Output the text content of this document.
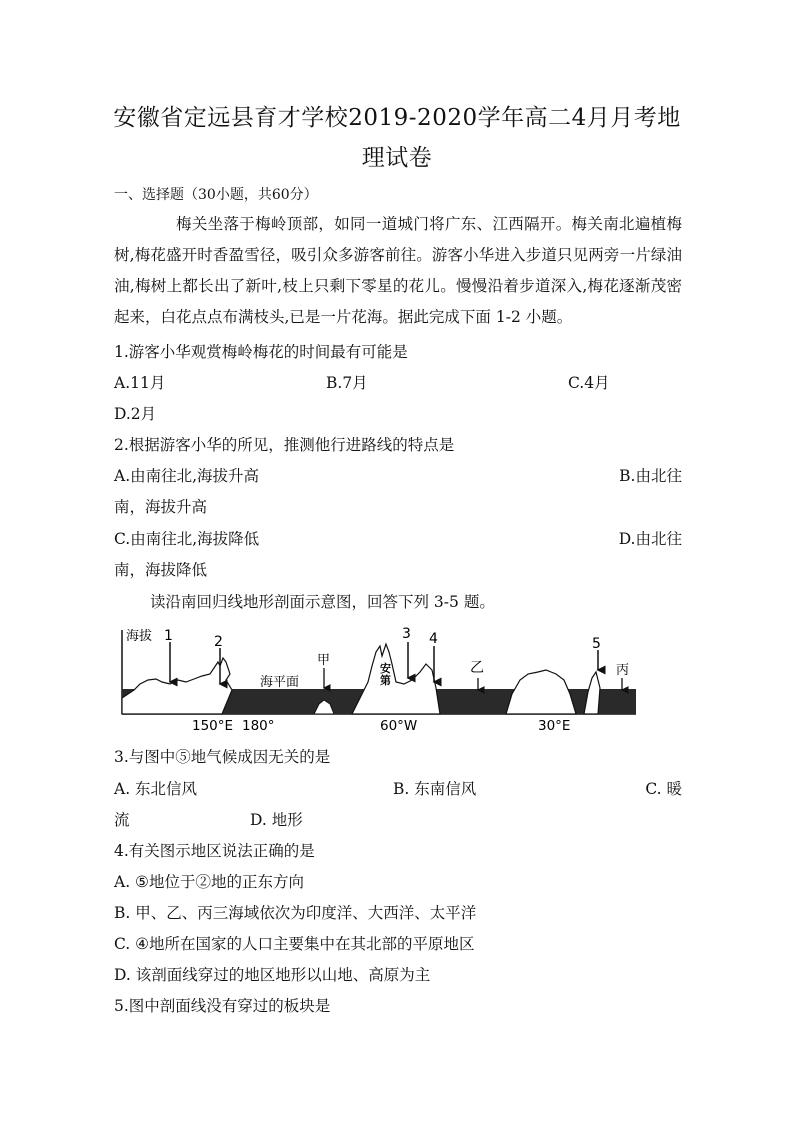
安徽省定远县育才学校2019-2020学年高二4月月考地
理试卷
一、选择题（30小题，共60分）
梅关坐落于梅岭顶部，如同一道城门将广东、江西隔开。梅关南北遍植梅树,梅花盛开时香盈雪径，吸引众多游客前往。游客小华进入步道只见两旁一片绿油油,梅树上都长出了新叶,枝上只剩下零星的花儿。慢慢沿着步道深入,梅花逐渐茂密起来，白花点点布满枝头,已是一片花海。据此完成下面 1-2 小题。
1.游客小华观赏梅岭梅花的时间最有可能是
A.11月	B.7月	C.4月
D.2月
2.根据游客小华的所见，推测他行进路线的特点是
A.由南往北,海拔升高	B.由北往
南，海拔升高
C.由南往北,海拔降低	D.由北往
南，海拔降低
读沿南回归线地形剖面示意图，回答下列 3-5 题。
海拔 1	2	3 4	5
海平面
甲	乙	丙
安
第
斯
山
150°E 180°	60°W	30°E
3.与图中⑤地气候成因无关的是
A. 东北信风	B. 东南信风	C. 暖
流	D. 地形
4.有关图示地区说法正确的是
A. ⑤地位于②地的正东方向
B. 甲、乙、丙三海域依次为印度洋、大西洋、太平洋
C. ④地所在国家的人口主要集中在其北部的平原地区
D. 该剖面线穿过的地区地形以山地、高原为主
5.图中剖面线没有穿过的板块是
